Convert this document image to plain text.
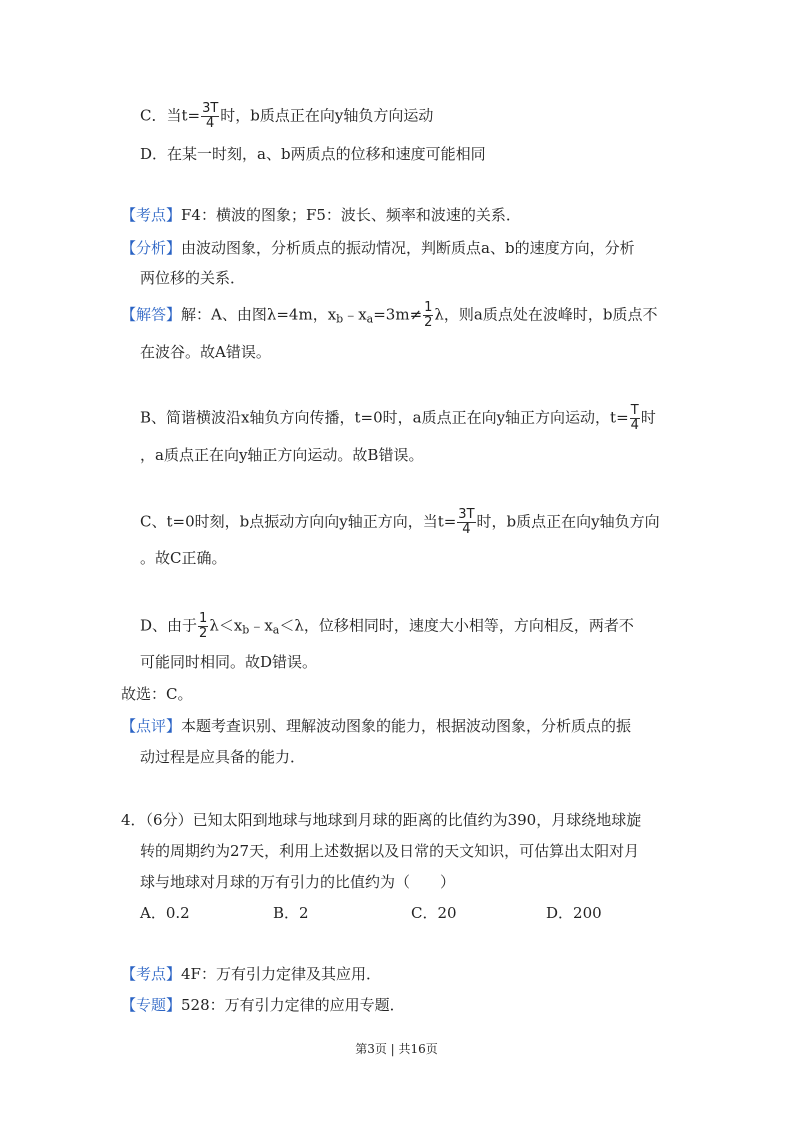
C．当$t= \frac{3T}{4}$ 时，b质点正在向y轴负方向运动
D．在某一时刻，a、b两质点的位移和速度可能相同
【考点】F4：横波的图象；F5：波长、频率和波速的关系．
【分析】由波动图象，分析质点的振动情况，判断质点a、b的速度方向，分析
两位移的关系．
【解答】解：A、由图λ=4m，$x_b﹣x_a=3m\ne \frac{1}{2}$ λ，则a质点处在波峰时，b质点不
在波谷。故A错误。
B、简谐横波沿x轴负方向传播，t=0时，a质点正在向y轴正方向运动，$t= \frac{T}{4}$ 时
，a质点正在向y轴正方向运动。故B错误。
C、t=0时刻，b点振动方向向y轴正方向，当$t= \frac{3T}{4}$ 时，b质点正在向y轴负方向
。故C正确。
D、由于 $\frac{1}{2}$ $\lambda<x_b﹣x_a<\lambda$，位移相同时，速度大小相等，方向相反，两者不
可能同时相同。故D错误。
故选：C。
【点评】本题考查识别、理解波动图象的能力，根据波动图象，分析质点的振
动过程是应具备的能力．
4．（6分）已知太阳到地球与地球到月球的距离的比值约为390，月球绕地球旋
转的周期约为27天，利用上述数据以及日常的天文知识，可估算出太阳对月
球与地球对月球的万有引力的比值约为（　　）
A．0.2	B．2	C．20	D．200
【考点】4F：万有引力定律及其应用．
【专题】528：万有引力定律的应用专题．
第3页 | 共16页
